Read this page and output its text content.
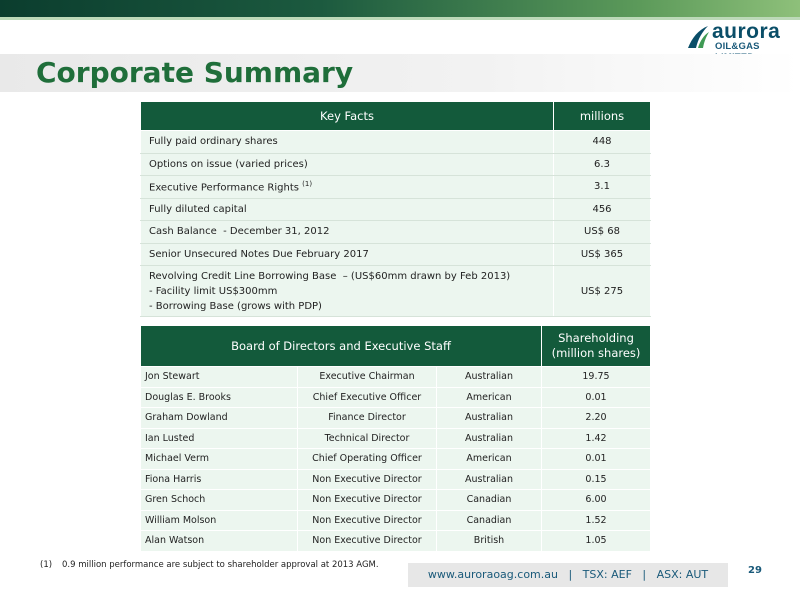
aurora
OIL&GAS
Corporate Summary
Key Facts	millions
Fully paid ordinary shares	448
Options on issue (varied prices)	6.3
Executive Performance Rights $^{(1)}$	3.1
Fully diluted capital	456
Cash Balance  - December 31, 2012	US$ 68
Senior Unsecured Notes Due February 2017	US$ 365

Revolving Credit Line Borrowing Base  – (US$60mm drawn by Feb 2013)
- Facility limit US$300mm
- Borrowing Base (grows with PDP)	US$ 275
Board of Directors and Executive Staff			Shareholding
(million shares)

Jon Stewart	Executive Chairman	Australian	19.75
Douglas E. Brooks	Chief Executive Officer	American	0.01
Graham Dowland	Finance Director	Australian	2.20
Ian Lusted	Technical Director	Australian	1.42
Michael Verm	Chief Operating Officer	American	0.01
Fiona Harris	Non Executive Director	Australian	0.15
Gren Schoch	Non Executive Director	Canadian	6.00
William Molson	Non Executive Director	Canadian	1.52
Alan Watson	Non Executive Director	British	1.05
(1) 0.9 million performance are subject to shareholder approval at 2013 AGM.
www.auroraoag.com.au   |   TSX: AEF   |   ASX: AUT	29
